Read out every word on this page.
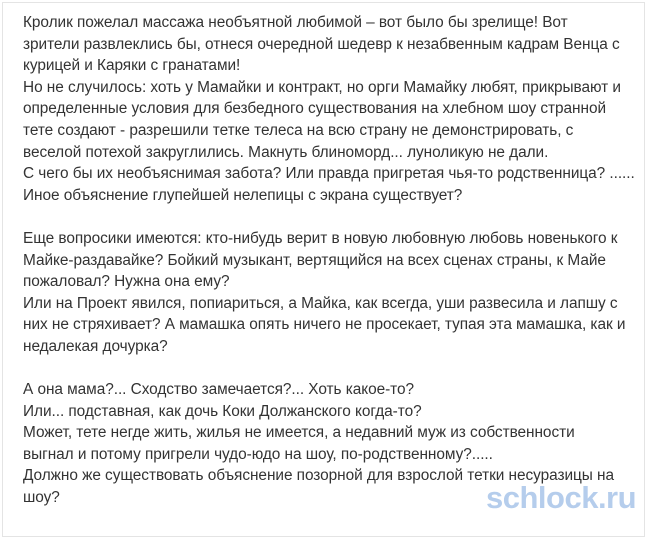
Кролик пожелал массажа необъятной любимой – вот было бы зрелище! Вот
зрители развлеклись бы, отнеся очередной шедевр к незабвенным кадрам Венца с
курицей и Каряки с гранатами!
Но не случилось: хоть у Мамайки и контракт, но орги Мамайку любят, прикрывают и
определенные условия для безбедного существования на хлебном шоу странной
тете создают - разрешили тетке телеса на всю страну не демонстрировать, с
веселой потехой закруглились. Макнуть блиноморд... луноликую не дали.
С чего бы их необъяснимая забота? Или правда пригретая чья-то родственница? ......
Иное объяснение глупейшей нелепицы с экрана существует?
Еще вопросики имеются: кто-нибудь верит в новую любовную любовь новенького к
Майке-раздавайке? Бойкий музыкант, вертящийся на всех сценах страны, к Майе
пожаловал? Нужна она ему?
Или на Проект явился, попиариться, а Майка, как всегда, уши развесила и лапшу с
них не стряхивает? А мамашка опять ничего не просекает, тупая эта мамашка, как и
недалекая дочурка?
А она мама?... Сходство замечается?... Хоть какое-то?
Или... подставная, как дочь Коки Должанского когда-то?
Может, тете негде жить, жилья не имеется, а недавний муж из собственности
выгнал и потому пригрели чудо-юдо на шоу, по-родственному?.....
Должно же существовать объяснение позорной для взрослой тетки несуразицы на
шоу?	schlock.ru
